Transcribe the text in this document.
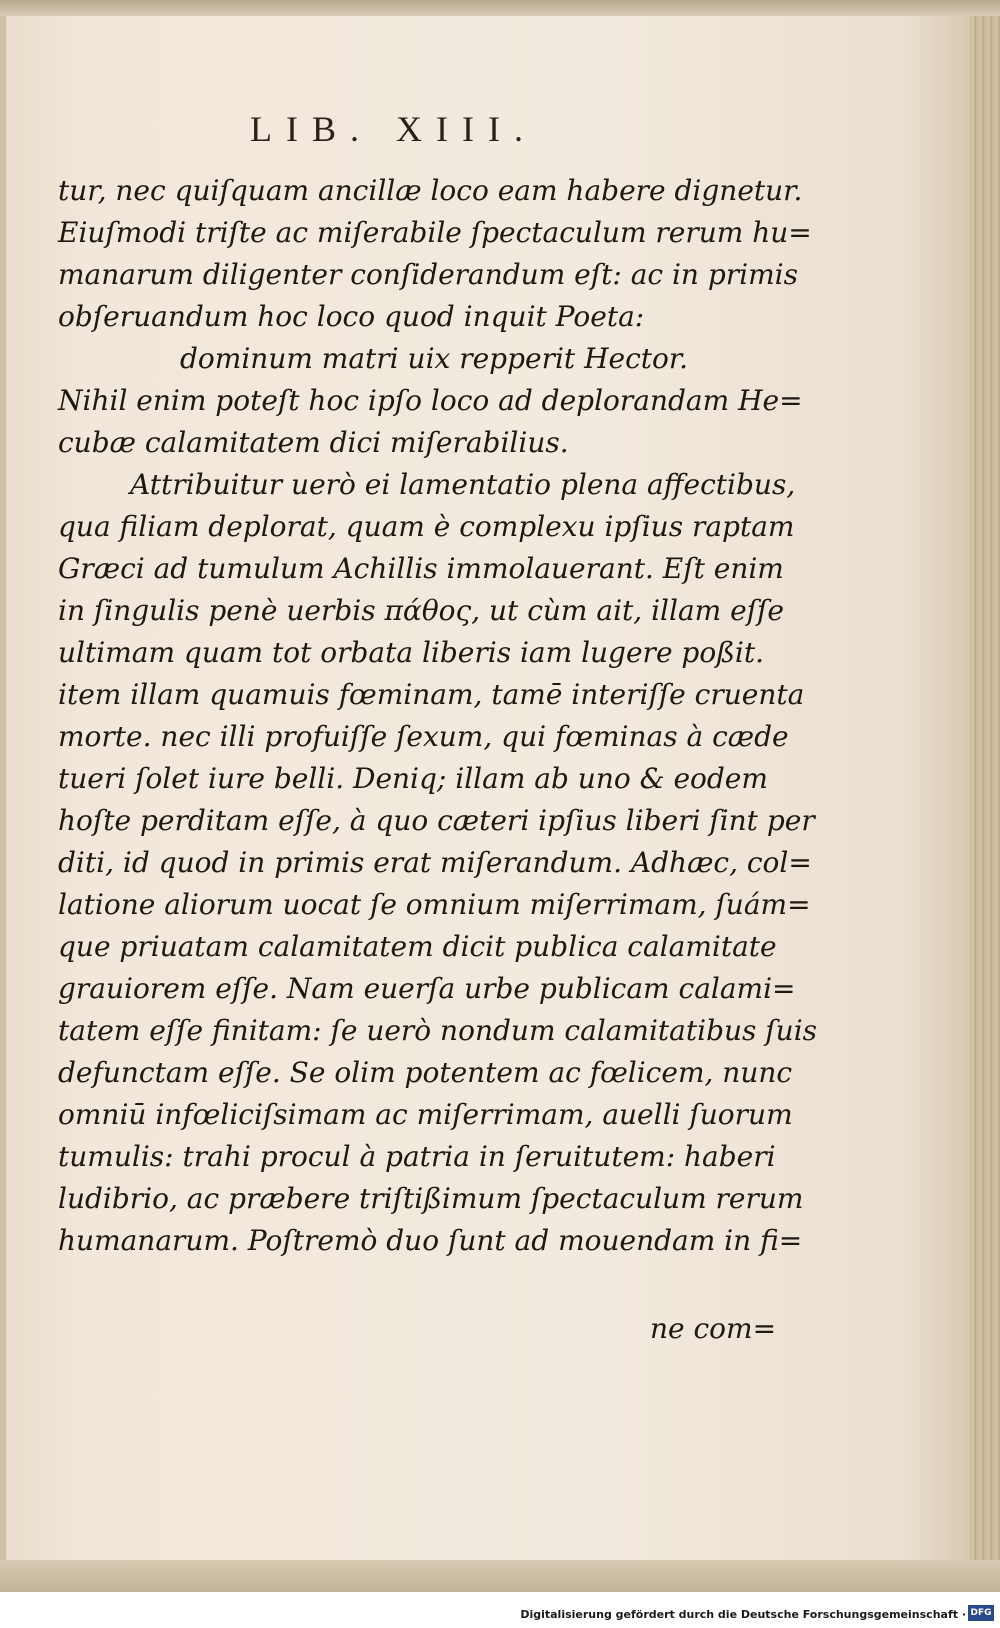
LIB. XIII.
tur, nec quiſquam ancillæ loco eam habere dignetur.
Eiuſmodi triſte ac miſerabile ſpectaculum rerum hu=
manarum diligenter conſiderandum eſt: ac in primis
obſeruandum hoc loco quod inquit Poeta:
dominum matri uix repperit Hector.
Nihil enim poteſt hoc ipſo loco ad deplorandam He=
cubæ calamitatem dici miſerabilius.
Attribuitur uerò ei lamentatio plena affectibus,
qua filiam deplorat, quam è complexu ipſius raptam
Græci ad tumulum Achillis immolauerant. Eſt enim
in ſingulis penè uerbis πάθος, ut cùm ait, illam eſſe
ultimam quam tot orbata liberis iam lugere poßit.
item illam quamuis fœminam, tamē interiſſe cruenta
morte. nec illi profuiſſe ſexum, qui fœminas à cæde
tueri ſolet iure belli. Deniq; illam ab uno & eodem
hoſte perditam eſſe, à quo cæteri ipſius liberi ſint per
diti, id quod in primis erat miſerandum. Adhæc, col=
latione aliorum uocat ſe omnium miſerrimam, ſuám=
que priuatam calamitatem dicit publica calamitate
grauiorem eſſe. Nam euerſa urbe publicam calami=
tatem eſſe finitam: ſe uerò nondum calamitatibus ſuis
defunctam eſſe. Se olim potentem ac fœlicem, nunc
omniū infœliciſsimam ac miſerrimam, auelli ſuorum
tumulis: trahi procul à patria in ſeruitutem: haberi
ludibrio, ac præbere triſtißimum ſpectaculum rerum
humanarum. Poſtremò duo ſunt ad mouendam in fi=
ne com=
Digitalisierung gefördert durch die Deutsche Forschungsgemeinschaft · DFG
